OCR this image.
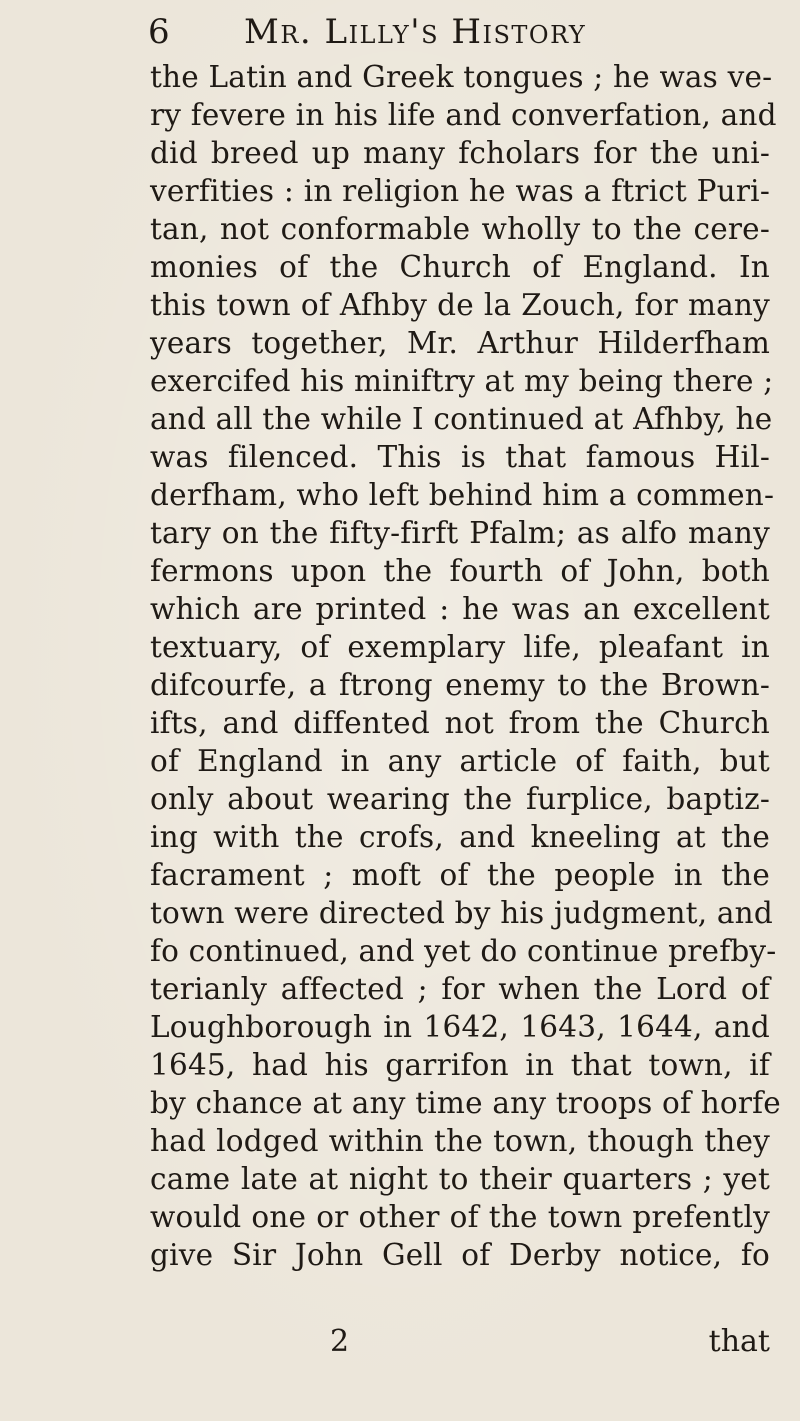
6 Mr. Lilly's History
the Latin and Greek tongues ; he was ve-
ry fevere in his life and converfation, and
did breed up many fcholars for the uni-
verfities : in religion he was a ftrict Puri-
tan, not conformable wholly to the cere-
monies of the Church of England. In
this town of Afhby de la Zouch, for many
years together, Mr. Arthur Hilderfham
exercifed his miniftry at my being there ;
and all the while I continued at Afhby, he
was filenced. This is that famous Hil-
derfham, who left behind him a commen-
tary on the fifty-firft Pfalm; as alfo many
fermons upon the fourth of John, both
which are printed : he was an excellent
textuary, of exemplary life, pleafant in
difcourfe, a ftrong enemy to the Brown-
ifts, and diffented not from the Church
of England in any article of faith, but
only about wearing the furplice, baptiz-
ing with the crofs, and kneeling at the
facrament ; moft of the people in the
town were directed by his judgment, and
fo continued, and yet do continue prefby-
terianly affected ; for when the Lord of
Loughborough in 1642, 1643, 1644, and
1645, had his garrifon in that town, if
by chance at any time any troops of horfe
had lodged within the town, though they
came late at night to their quarters ; yet
would one or other of the town prefently
give Sir John Gell of Derby notice, fo
2	that
